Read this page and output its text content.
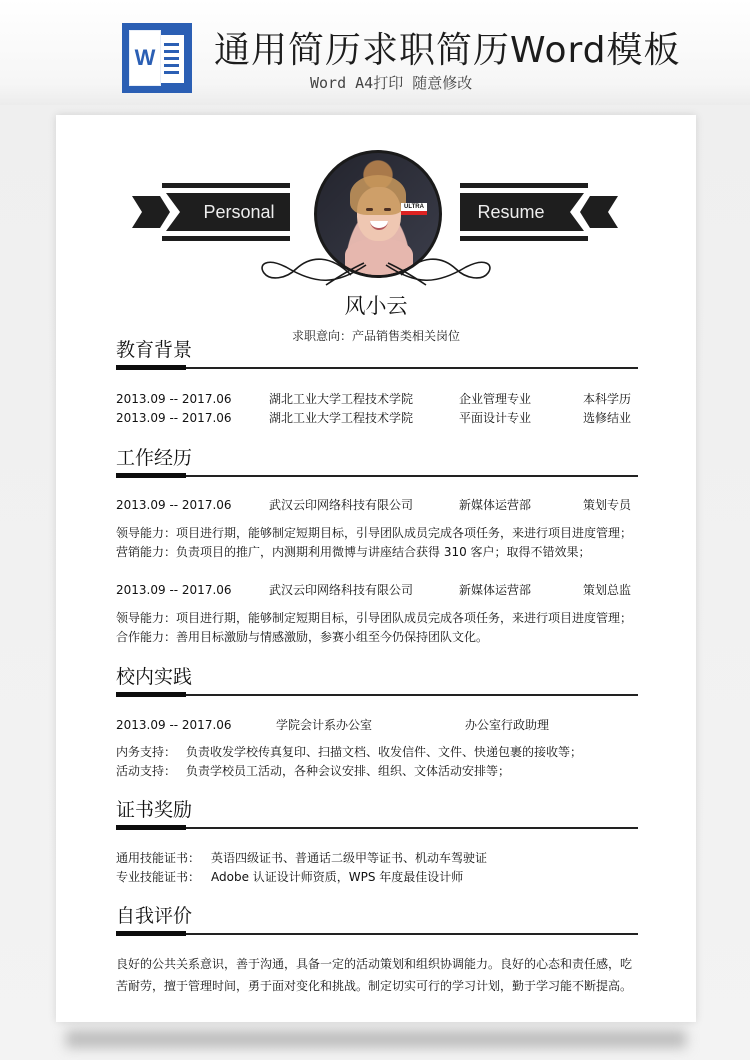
W 通用简历求职简历Word模板
Word A4打印 随意修改
Personal	Resume
ULTRA
风小云
求职意向：产品销售类相关岗位
教育背景
2013.09 -- 2017.06	湖北工业大学工程技术学院	企业管理专业	本科学历
2013.09 -- 2017.06	湖北工业大学工程技术学院	平面设计专业	选修结业
工作经历
2013.09 -- 2017.06	武汉云印网络科技有限公司	新媒体运营部	策划专员
领导能力：项目进行期，能够制定短期目标，引导团队成员完成各项任务，来进行项目进度管理；
营销能力：负责项目的推广，内测期利用微博与讲座结合获得 310 客户；取得不错效果；
2013.09 -- 2017.06	武汉云印网络科技有限公司	新媒体运营部	策划总监
领导能力：项目进行期，能够制定短期目标，引导团队成员完成各项任务，来进行项目进度管理；
合作能力：善用目标激励与情感激励，参赛小组至今仍保持团队文化。
校内实践
2013.09 -- 2017.06	学院会计系办公室	办公室行政助理
内务支持： 负责收发学校传真复印、扫描文档、收发信件、文件、快递包裹的接收等；
活动支持： 负责学校员工活动，各种会议安排、组织、文体活动安排等；
证书奖励
通用技能证书： 英语四级证书、普通话二级甲等证书、机动车驾驶证
专业技能证书： Adobe 认证设计师资质，WPS 年度最佳设计师
自我评价
良好的公共关系意识，善于沟通，具备一定的活动策划和组织协调能力。良好的心态和责任感，吃苦耐劳，擅于管理时间，勇于面对变化和挑战。制定切实可行的学习计划，勤于学习能不断提高。
